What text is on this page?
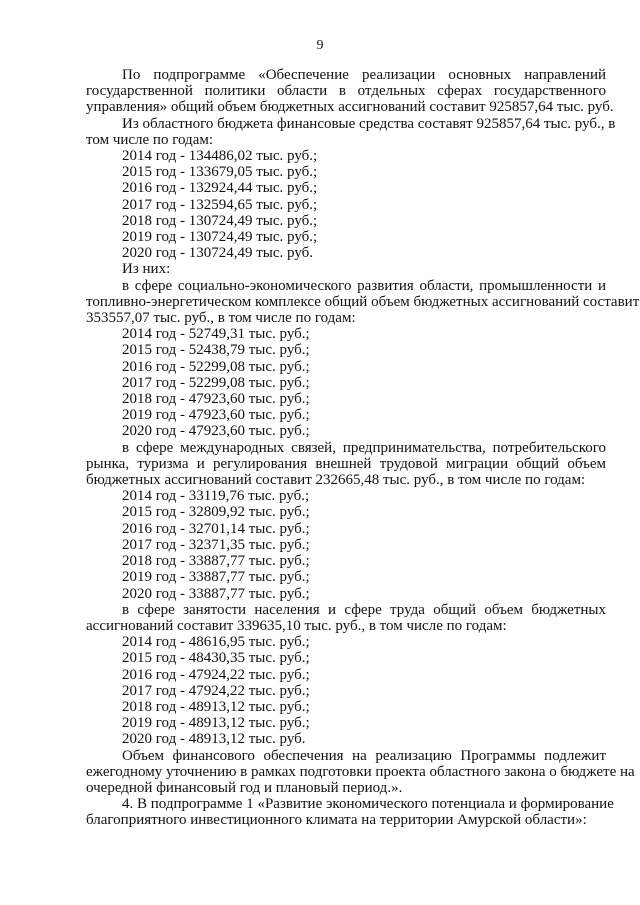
9
По подпрограмме «Обеспечение реализации основных направлений
государственной политики области в отдельных сферах государственного
управления» общий объем бюджетных ассигнований составит 925857,64 тыс. руб.
Из областного бюджета финансовые средства составят 925857,64 тыс. руб., в
том числе по годам:
2014 год - 134486,02 тыс. руб.;
2015 год - 133679,05 тыс. руб.;
2016 год - 132924,44 тыс. руб.;
2017 год - 132594,65 тыс. руб.;
2018 год - 130724,49 тыс. руб.;
2019 год - 130724,49 тыс. руб.;
2020 год - 130724,49 тыс. руб.
Из них:
в сфере социально-экономического развития области, промышленности и
топливно-энергетическом комплексе общий объем бюджетных ассигнований составит
353557,07 тыс. руб., в том числе по годам:
2014 год - 52749,31 тыс. руб.;
2015 год - 52438,79 тыс. руб.;
2016 год - 52299,08 тыс. руб.;
2017 год - 52299,08 тыс. руб.;
2018 год - 47923,60 тыс. руб.;
2019 год - 47923,60 тыс. руб.;
2020 год - 47923,60 тыс. руб.;
в сфере международных связей, предпринимательства, потребительского
рынка, туризма и регулирования внешней трудовой миграции общий объем
бюджетных ассигнований составит 232665,48 тыс. руб., в том числе по годам:
2014 год - 33119,76 тыс. руб.;
2015 год - 32809,92 тыс. руб.;
2016 год - 32701,14 тыс. руб.;
2017 год - 32371,35 тыс. руб.;
2018 год - 33887,77 тыс. руб.;
2019 год - 33887,77 тыс. руб.;
2020 год - 33887,77 тыс. руб.;
в сфере занятости населения и сфере труда общий объем бюджетных
ассигнований составит 339635,10 тыс. руб., в том числе по годам:
2014 год - 48616,95 тыс. руб.;
2015 год - 48430,35 тыс. руб.;
2016 год - 47924,22 тыс. руб.;
2017 год - 47924,22 тыс. руб.;
2018 год - 48913,12 тыс. руб.;
2019 год - 48913,12 тыс. руб.;
2020 год - 48913,12 тыс. руб.
Объем финансового обеспечения на реализацию Программы подлежит
ежегодному уточнению в рамках подготовки проекта областного закона о бюджете на
очередной финансовый год и плановый период.».
4. В подпрограмме 1 «Развитие экономического потенциала и формирование
благоприятного инвестиционного климата на территории Амурской области»:
